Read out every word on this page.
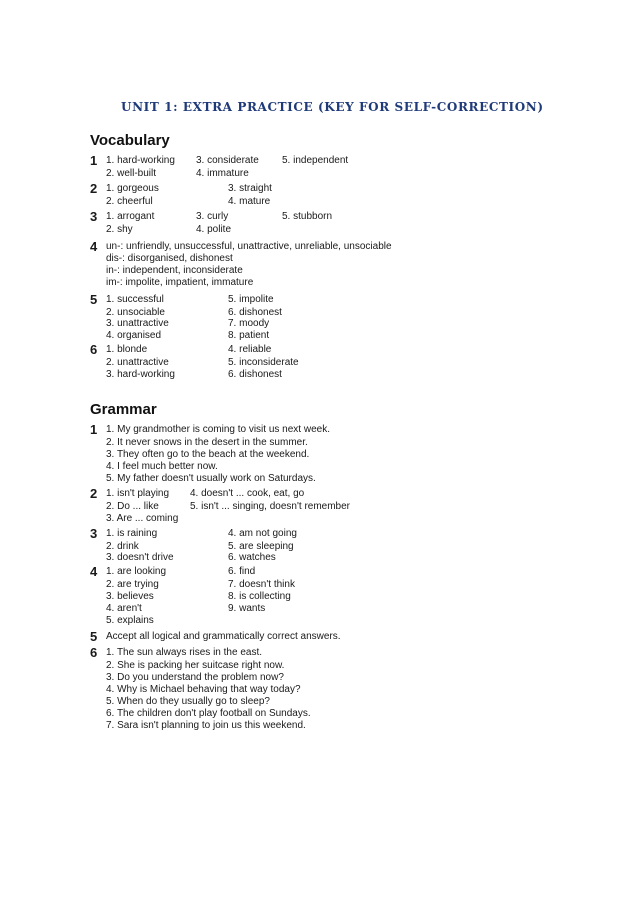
UNIT 1: EXTRA PRACTICE (KEY FOR SELF-CORRECTION)
Vocabulary
1 1. hard-working 3. considerate 5. independent
2. well-built	4. immature
2 1. gorgeous	3. straight
2. cheerful	4. mature
3 1. arrogant	3. curly	5. stubborn
2. shy	4. polite
4 un-: unfriendly, unsuccessful, unattractive, unreliable, unsociable
dis-: disorganised, dishonest
in-: independent, inconsiderate
im-: impolite, impatient, immature
5 1. successful	5. impolite
2. unsociable	6. dishonest
3. unattractive	7. moody
4. organised	8. patient
6 1. blonde	4. reliable
2. unattractive	5. inconsiderate
3. hard-working	6. dishonest
Grammar
1 1. My grandmother is coming to visit us next week.
2. It never snows in the desert in the summer.
3. They often go to the beach at the weekend.
4. I feel much better now.
5. My father doesn't usually work on Saturdays.
2 1. isn't playing 4. doesn't ... cook, eat, go
2. Do ... like	5. isn't ... singing, doesn't remember
3. Are ... coming
3 1. is raining	4. am not going
2. drink	5. are sleeping
3. doesn't drive	6. watches
4 1. are looking	6. find
2. are trying	7. doesn't think
3. believes	8. is collecting
4. aren't	9. wants
5. explains
5 Accept all logical and grammatically correct answers.
6 1. The sun always rises in the east.
2. She is packing her suitcase right now.
3. Do you understand the problem now?
4. Why is Michael behaving that way today?
5. When do they usually go to sleep?
6. The children don't play football on Sundays.
7. Sara isn't planning to join us this weekend.
